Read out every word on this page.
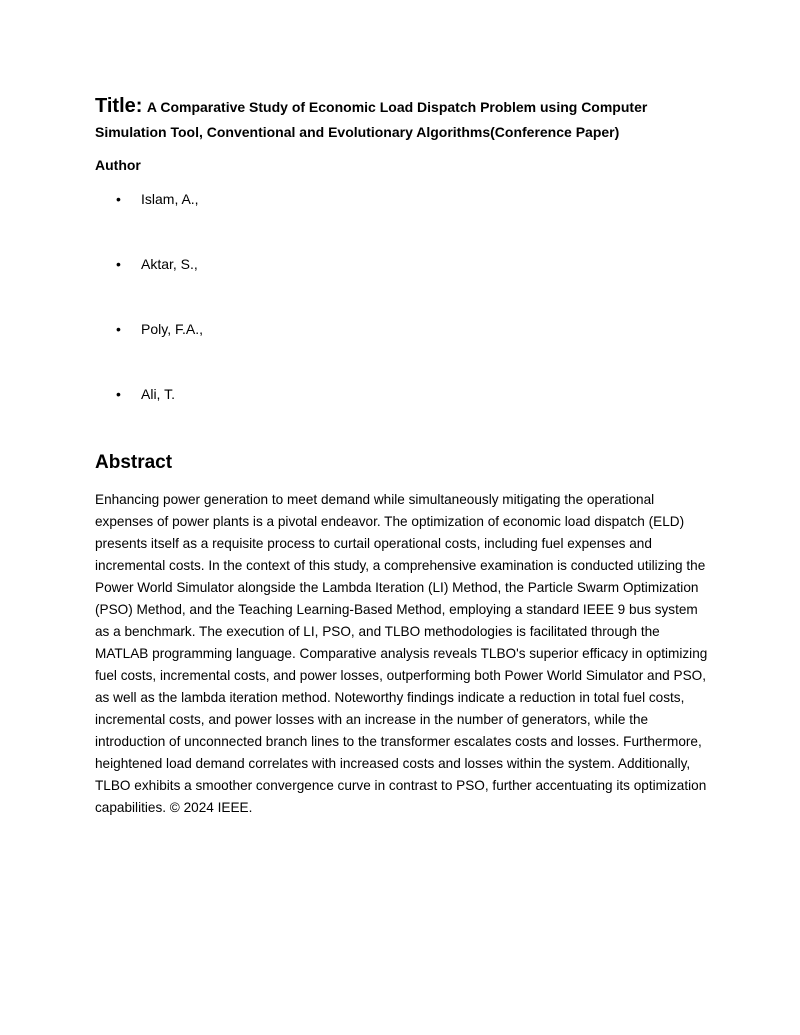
Title: A Comparative Study of Economic Load Dispatch Problem using Computer Simulation Tool, Conventional and Evolutionary Algorithms(Conference Paper)
Author
• Islam, A.,
• Aktar, S.,
• Poly, F.A.,
• Ali, T.
Abstract
Enhancing power generation to meet demand while simultaneously mitigating the operational expenses of power plants is a pivotal endeavor. The optimization of economic load dispatch (ELD) presents itself as a requisite process to curtail operational costs, including fuel expenses and incremental costs. In the context of this study, a comprehensive examination is conducted utilizing the Power World Simulator alongside the Lambda Iteration (LI) Method, the Particle Swarm Optimization (PSO) Method, and the Teaching Learning-Based Method, employing a standard IEEE 9 bus system as a benchmark. The execution of LI, PSO, and TLBO methodologies is facilitated through the MATLAB programming language. Comparative analysis reveals TLBO's superior efficacy in optimizing fuel costs, incremental costs, and power losses, outperforming both Power World Simulator and PSO, as well as the lambda iteration method. Noteworthy findings indicate a reduction in total fuel costs, incremental costs, and power losses with an increase in the number of generators, while the introduction of unconnected branch lines to the transformer escalates costs and losses. Furthermore, heightened load demand correlates with increased costs and losses within the system. Additionally, TLBO exhibits a smoother convergence curve in contrast to PSO, further accentuating its optimization capabilities. © 2024 IEEE.
